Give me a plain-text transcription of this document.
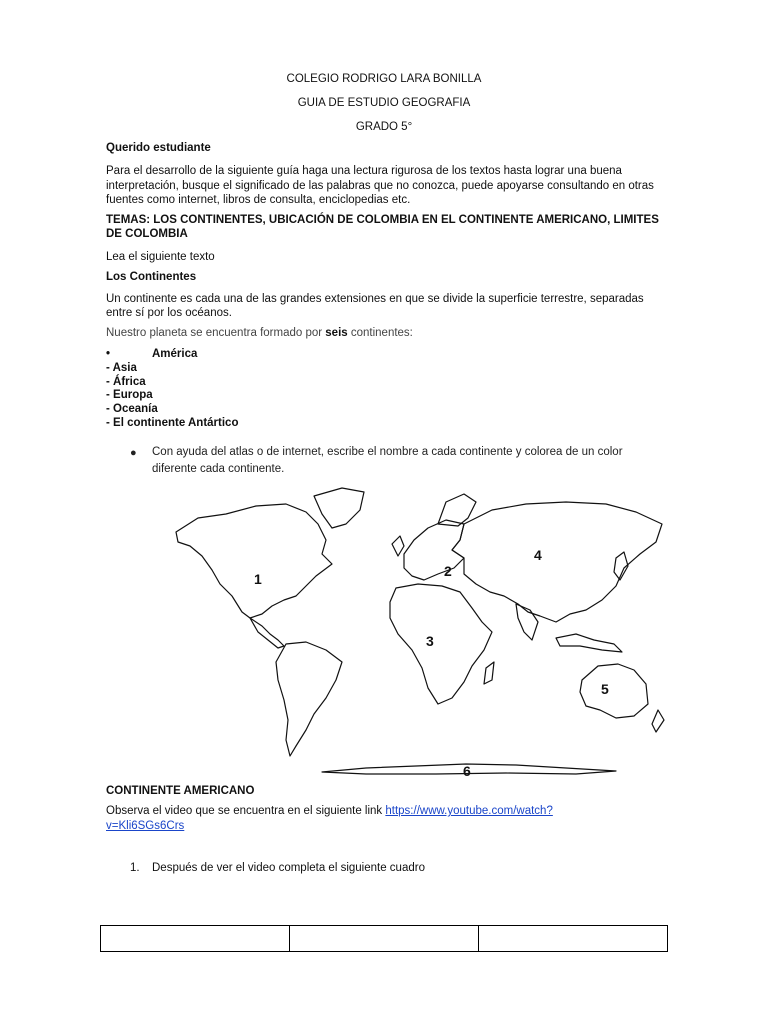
COLEGIO RODRIGO LARA BONILLA
GUIA DE ESTUDIO GEOGRAFIA
GRADO 5°
Querido estudiante
Para el desarrollo de la siguiente guía haga una lectura rigurosa de los textos hasta lograr una buena interpretación, busque el significado de las palabras que no conozca, puede apoyarse consultando en otras fuentes como internet, libros de consulta, enciclopedias etc.
TEMAS: LOS CONTINENTES, UBICACIÓN DE COLOMBIA EN EL CONTINENTE AMERICANO, LIMITES DE COLOMBIA
Lea el siguiente texto
Los Continentes
Un continente es cada una de las grandes extensiones en que se divide la superficie terrestre, separadas entre sí por los océanos.
Nuestro planeta se encuentra formado por seis continentes:
•	América
- Asia
- África
- Europa
- Oceanía
- El continente Antártico
● Con ayuda del atlas o de internet, escribe el nombre a cada continente y colorea de un color diferente cada continente.
1	2
3
4
5
6
CONTINENTE AMERICANO
Observa el video que se encuentra en el siguiente link https://www.youtube.com/watch?
v=Kli6SGs6Crs
1. Después de ver el video completa el siguiente cuadro
